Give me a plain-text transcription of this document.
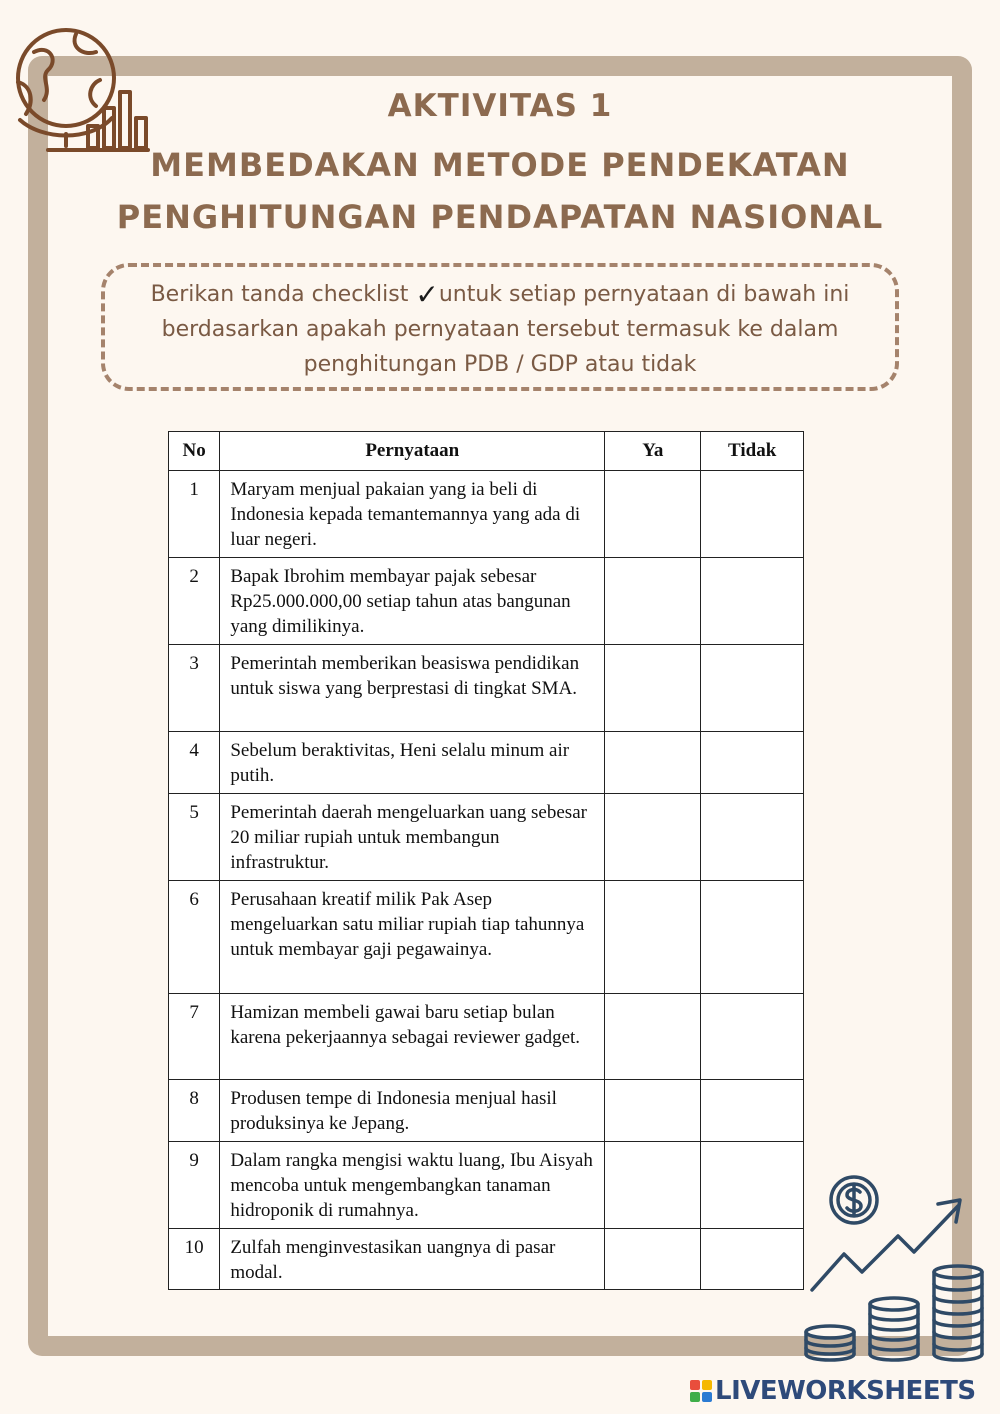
AKTIVITAS 1
MEMBEDAKAN METODE PENDEKATAN
PENGHITUNGAN PENDAPATAN NASIONAL
Berikan tanda checklist ✓untuk setiap pernyataan di bawah ini
berdasarkan apakah pernyataan tersebut termasuk ke dalam
penghitungan PDB / GDP atau tidak
No	Pernyataan	Ya	Tidak
1	Maryam menjual pakaian yang ia beli di Indonesia kepada temantemannya yang ada di luar negeri.		
2	Bapak Ibrohim membayar pajak sebesar Rp25.000.000,00 setiap tahun atas bangunan yang dimilikinya.		
3	Pemerintah memberikan beasiswa pendidikan untuk siswa yang berprestasi di tingkat SMA.		
4	Sebelum beraktivitas, Heni selalu minum air putih.		
5	Pemerintah daerah mengeluarkan uang sebesar 20 miliar rupiah untuk membangun infrastruktur.		
6	Perusahaan kreatif milik Pak Asep mengeluarkan satu miliar rupiah tiap tahunnya untuk membayar gaji pegawainya.		
7	Hamizan membeli gawai baru setiap bulan karena pekerjaannya sebagai reviewer gadget.		
8	Produsen tempe di Indonesia menjual hasil produksinya ke Jepang.		
9	Dalam rangka mengisi waktu luang, Ibu Aisyah mencoba untuk mengembangkan tanaman hidroponik di rumahnya.		
10	Zulfah menginvestasikan uangnya di pasar modal.		
LIVEWORKSHEETS
